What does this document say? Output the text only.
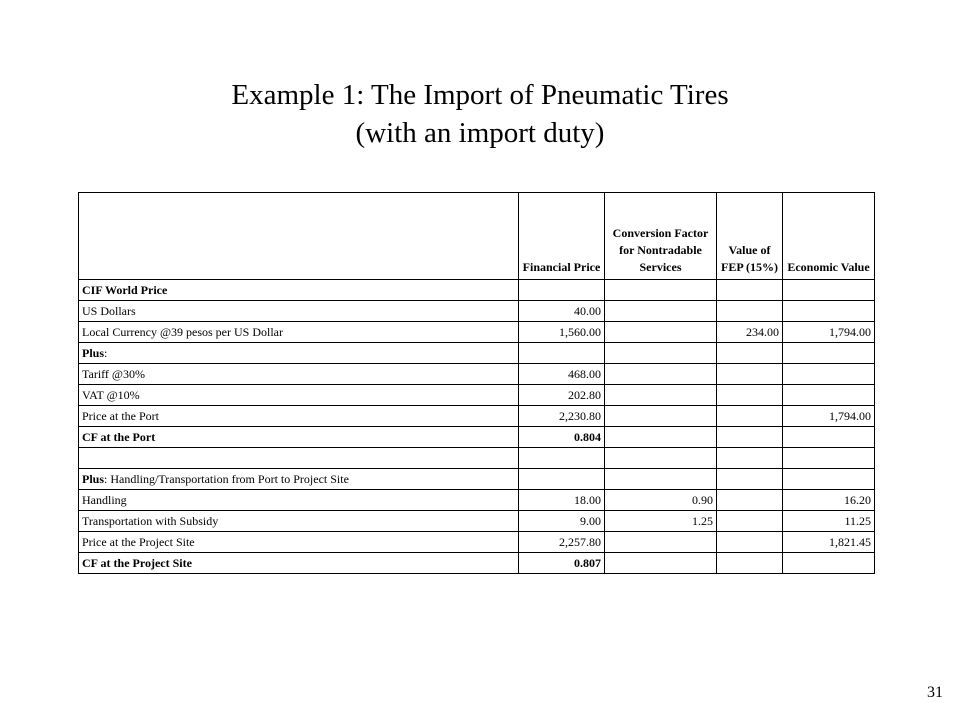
Example 1: The Import of Pneumatic Tires
(with an import duty)
	Financial Price	Conversion Factor for Nontradable Services	Value of FEP (15%)	Economic Value
CIF World Price				
US Dollars	40.00			
Local Currency @39 pesos per US Dollar	1,560.00		234.00	1,794.00
Plus:				
Tariff @30%	468.00			
VAT @10%	202.80			
Price at the Port	2,230.80			1,794.00
CF at the Port	0.804			

Plus: Handling/Transportation from Port to Project Site				
Handling	18.00	0.90		16.20
Transportation with Subsidy	9.00	1.25		11.25
Price at the Project Site	2,257.80			1,821.45
CF at the Project Site	0.807			
31
